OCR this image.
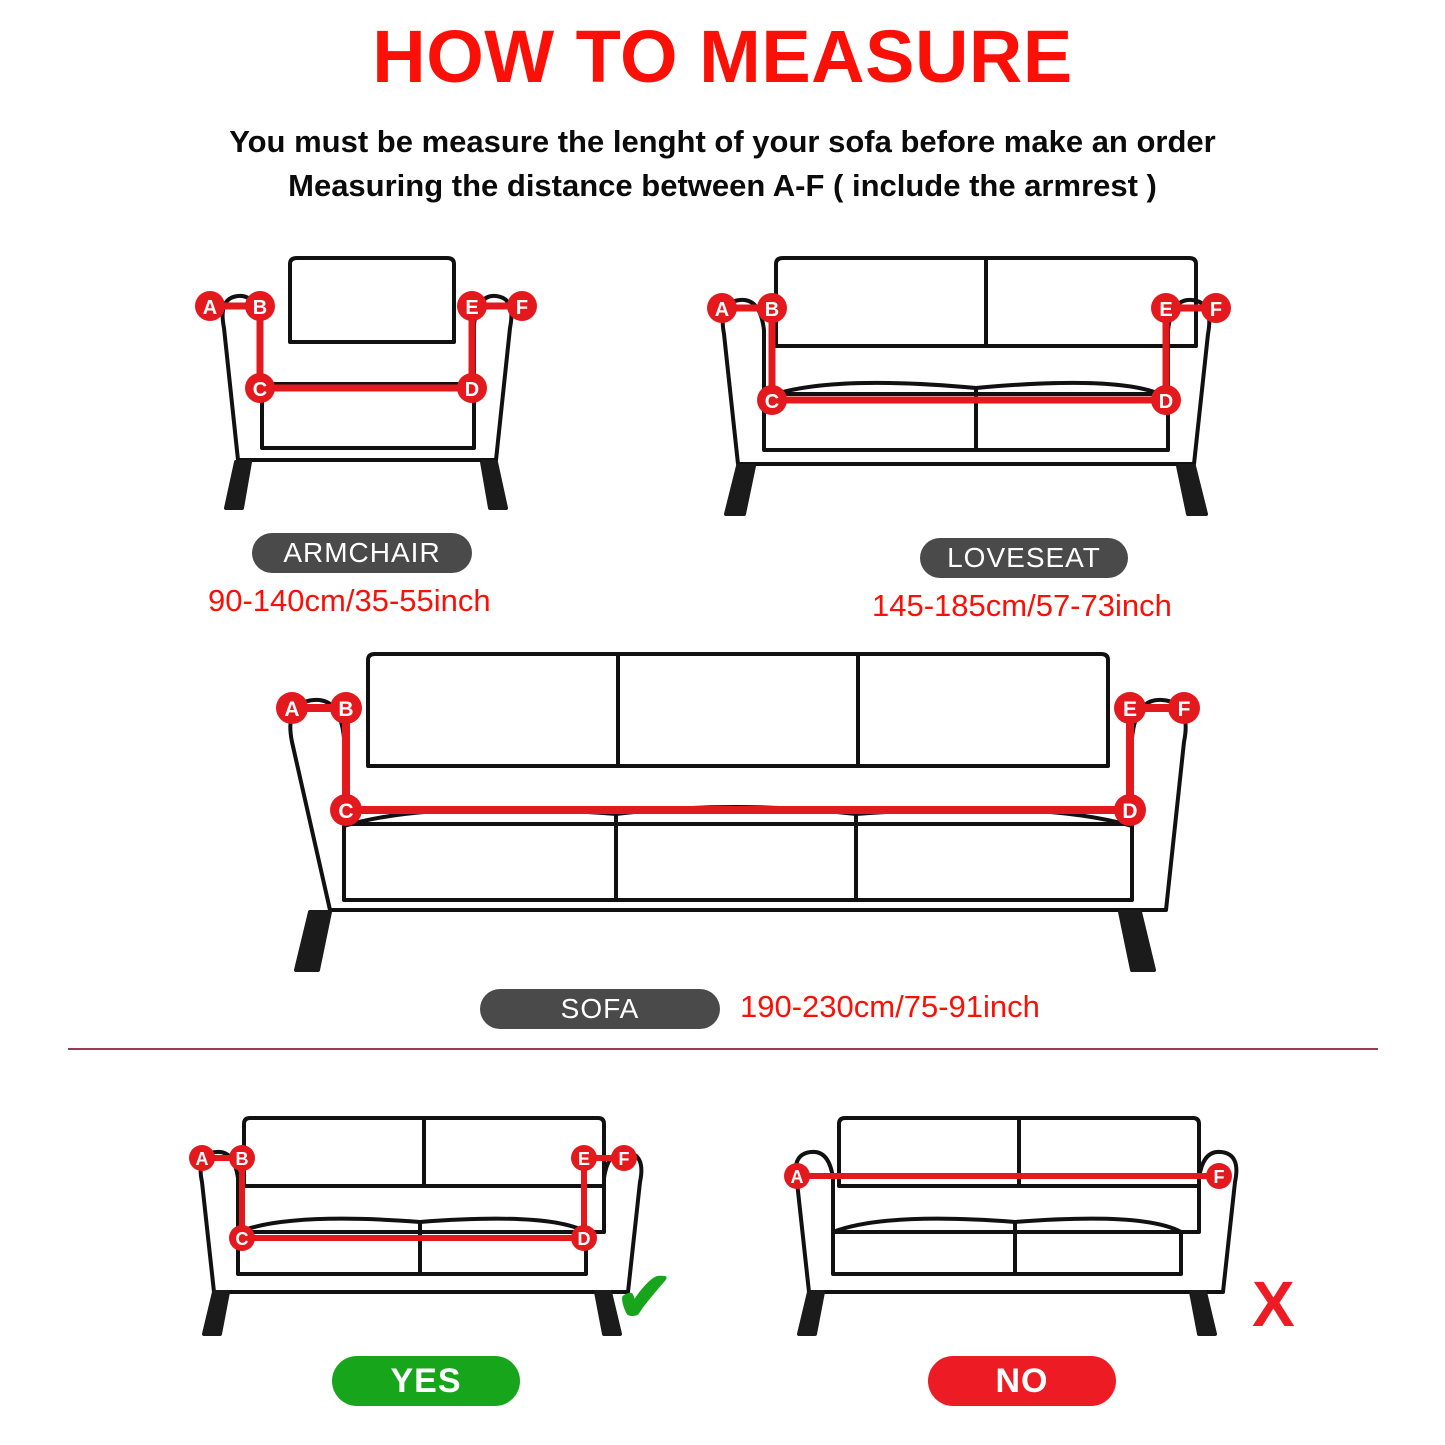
HOW TO MEASURE
You must be measure the lenght of your sofa before make an order
Measuring the distance between A-F ( include the armrest )
A B
C	D
E F
ARMCHAIR
90-140cm/35-55inch
A B
C	D
E F
LOVESEAT
145-185cm/57-73inch
A B
C	D
E F
SOFA	190-230cm/75-91inch
A B
C	D
E F
✔
YES
A	F
X
NO
